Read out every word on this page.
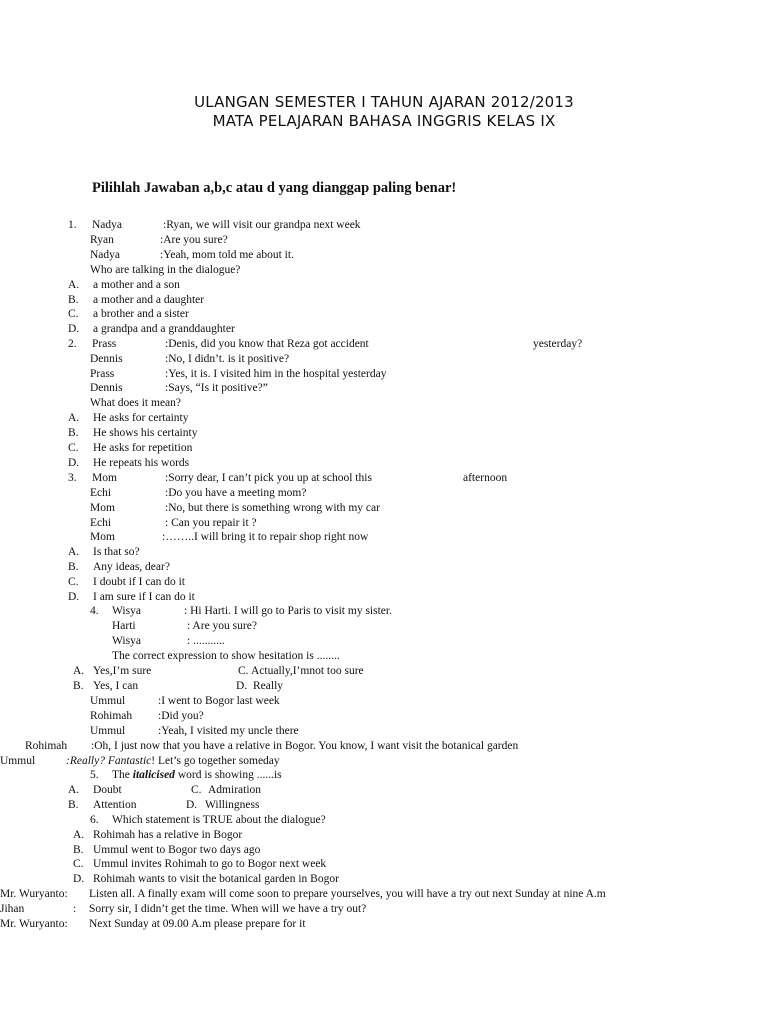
ULANGAN SEMESTER I TAHUN AJARAN 2012/2013
MATA PELAJARAN BAHASA INGGRIS KELAS IX
Pilihlah Jawaban a,b,c atau d yang dianggap paling benar!
1. Nadya	:Ryan, we will visit our grandpa next week
Ryan	:Are you sure?
Nadya	:Yeah, mom told me about it.
Who are talking in the dialogue?
A. a mother and a son
B. a mother and a daughter
C. a brother and a sister
D. a grandpa and a granddaughter
2. Prass	:Denis, did you know that Reza got accident	yesterday?
Dennis	:No, I didn’t. is it positive?
Prass	:Yes, it is. I visited him in the hospital yesterday
Dennis	:Says, “Is it positive?”
What does it mean?
A. He asks for certainty
B. He shows his certainty
C. He asks for repetition
D. He repeats his words
3. Mom	:Sorry dear, I can’t pick you up at school this	afternoon
Echi	:Do you have a meeting mom?
Mom	:No, but there is something wrong with my car
Echi	: Can you repair it ?
Mom	:……..I will bring it to repair shop right now
A. Is that so?
B. Any ideas, dear?
C. I doubt if I can do it
D. I am sure if I can do it
4. Wisya	: Hi Harti. I will go to Paris to visit my sister.
Harti	: Are you sure?
Wisya	: ...........
The correct expression to show hesitation is ........
A. Yes,I’m sure	C. Actually,I’mnot too sure
B. Yes, I can	D. Really
Ummul	:I went to Bogor last week
Rohimah :Did you?
Ummul	:Yeah, I visited my uncle there
Rohimah :Oh, I just now that you have a relative in Bogor. You know, I want visit the botanical garden
Ummul	:Really? Fantastic! Let’s go together someday
5. The italicised word is showing ......is
A. Doubt	C. Admiration
B. Attention	D. Willingness
6. Which statement is TRUE about the dialogue?
A. Rohimah has a relative in Bogor
B. Ummul went to Bogor two days ago
C. Ummul invites Rohimah to go to Bogor next week
D. Rohimah wants to visit the botanical garden in Bogor
Mr. Wuryanto: Listen all. A finally exam will come soon to prepare yourselves, you will have a try out next Sunday at nine A.m
Jihan	: Sorry sir, I didn’t get the time. When will we have a try out?
Mr. Wuryanto: Next Sunday at 09.00 A.m please prepare for it
